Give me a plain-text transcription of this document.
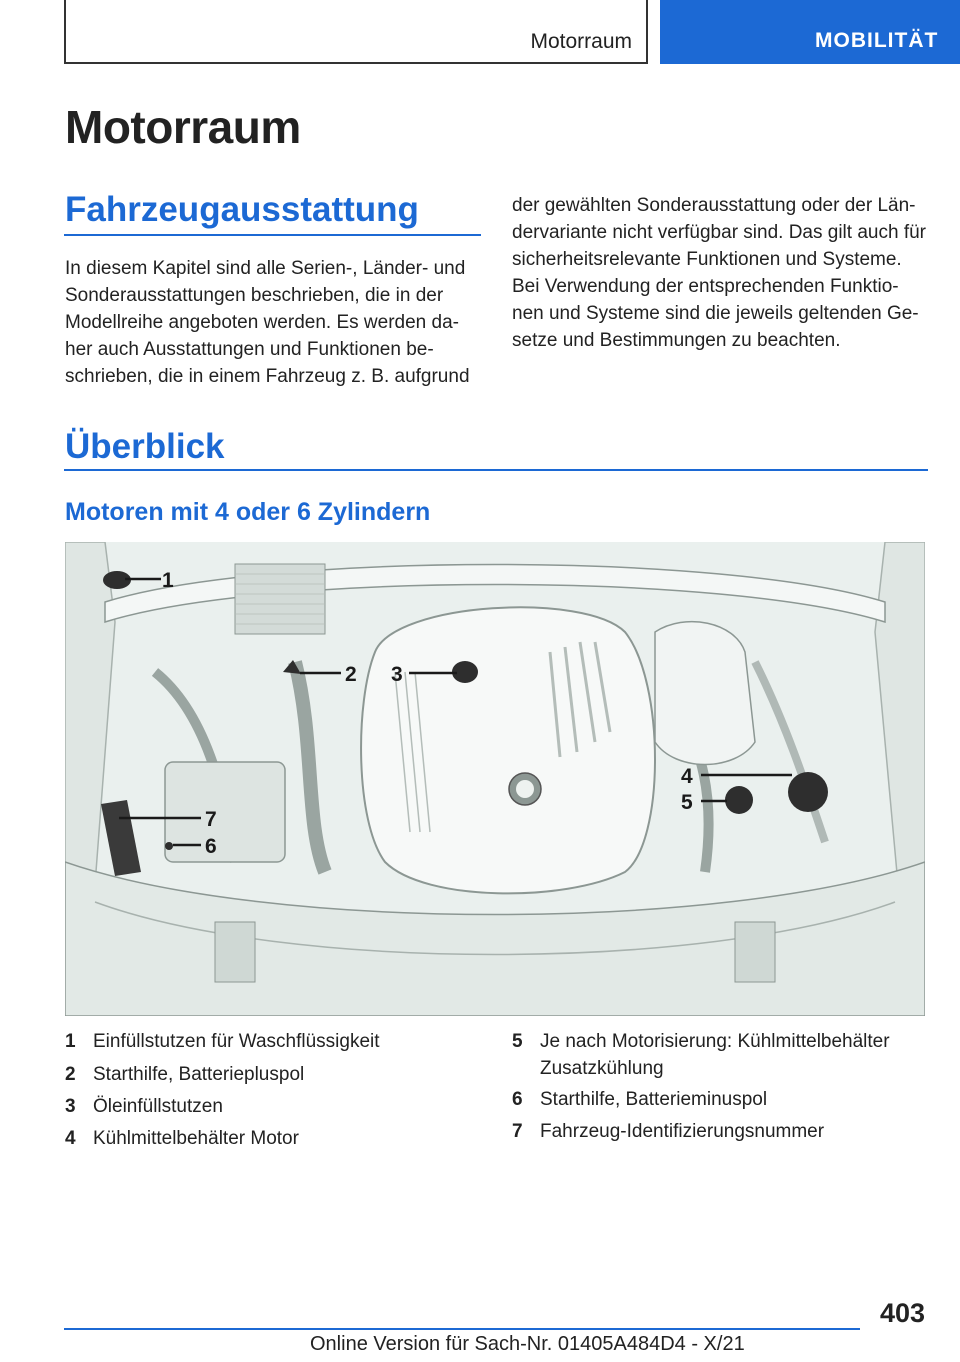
Motorraum	MOBILITÄT
Motorraum
Fahrzeugausstattung
In diesem Kapitel sind alle Serien-, Länder- und
Sonderausstattungen beschrieben, die in der
Modellreihe angeboten werden. Es werden da-
her auch Ausstattungen und Funktionen be-
schrieben, die in einem Fahrzeug z. B. aufgrund
der gewählten Sonderausstattung oder der Län-
dervariante nicht verfügbar sind. Das gilt auch für
sicherheitsrelevante Funktionen und Systeme.
Bei Verwendung der entsprechenden Funktio-
nen und Systeme sind die jeweils geltenden Ge-
setze und Bestimmungen zu beachten.
Überblick
Motoren mit 4 oder 6 Zylindern
1
2 3
4
5
7
6
1 Einfüllstutzen für Waschflüssigkeit
2 Starthilfe, Batteriepluspol
3 Öleinfüllstutzen
4 Kühlmittelbehälter Motor
5 Je nach Motorisierung: Kühlmittelbehälter
Zusatzkühlung
6 Starthilfe, Batterieminuspol
7 Fahrzeug-Identifizierungsnummer
403
Online Version für Sach-Nr. 01405A484D4 - X/21
